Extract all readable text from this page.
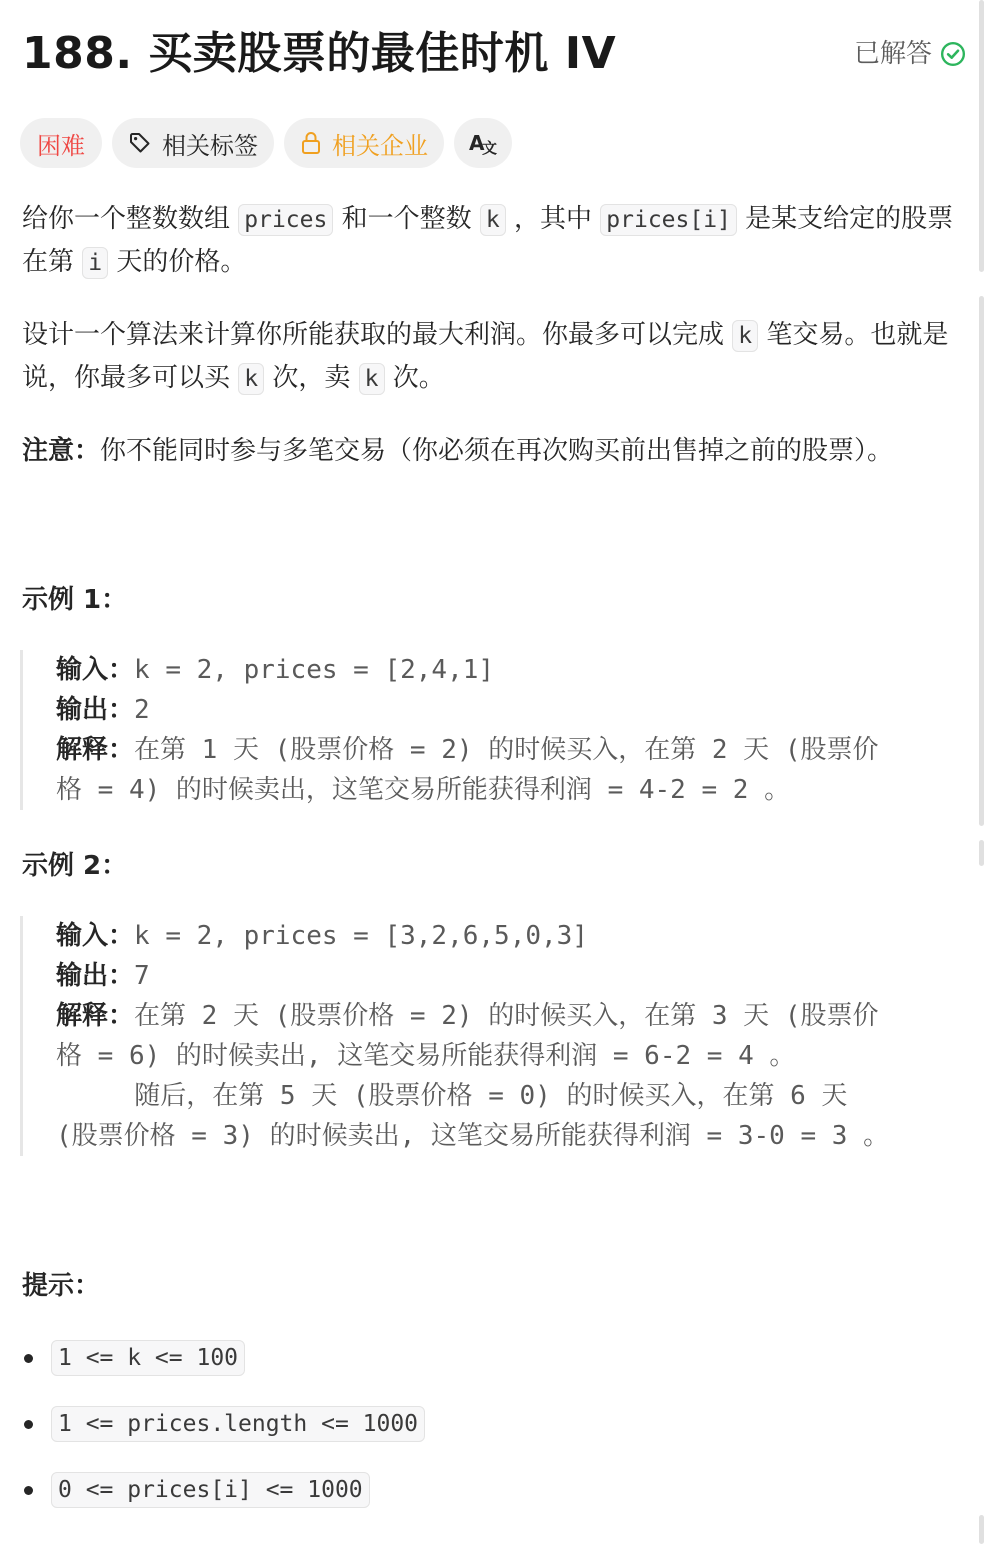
188. 买卖股票的最佳时机 IV	已解答
困难	相关标签	相关企业 A
文
给你一个整数数组 prices 和一个整数 k ，其中 prices[i] 是某支给定的股票在第 i 天的价格。
设计一个算法来计算你所能获取的最大利润。你最多可以完成 k 笔交易。也就是说，你最多可以买 k 次，卖 k 次。
注意：你不能同时参与多笔交易（你必须在再次购买前出售掉之前的股票）。
示例 1：
输入：k = 2, prices = [2,4,1]
输出：2
解释：在第 1 天 (股票价格 = 2) 的时候买入，在第 2 天 (股票价
格 = 4) 的时候卖出，这笔交易所能获得利润 = 4-2 = 2 。
示例 2：
输入：k = 2, prices = [3,2,6,5,0,3]
输出：7
解释：在第 2 天 (股票价格 = 2) 的时候买入，在第 3 天 (股票价
格 = 6) 的时候卖出, 这笔交易所能获得利润 = 6-2 = 4 。
随后，在第 5 天 (股票价格 = 0) 的时候买入，在第 6 天
(股票价格 = 3) 的时候卖出, 这笔交易所能获得利润 = 3-0 = 3 。
提示：
1 <= k <= 100
1 <= prices.length <= 1000
0 <= prices[i] <= 1000
